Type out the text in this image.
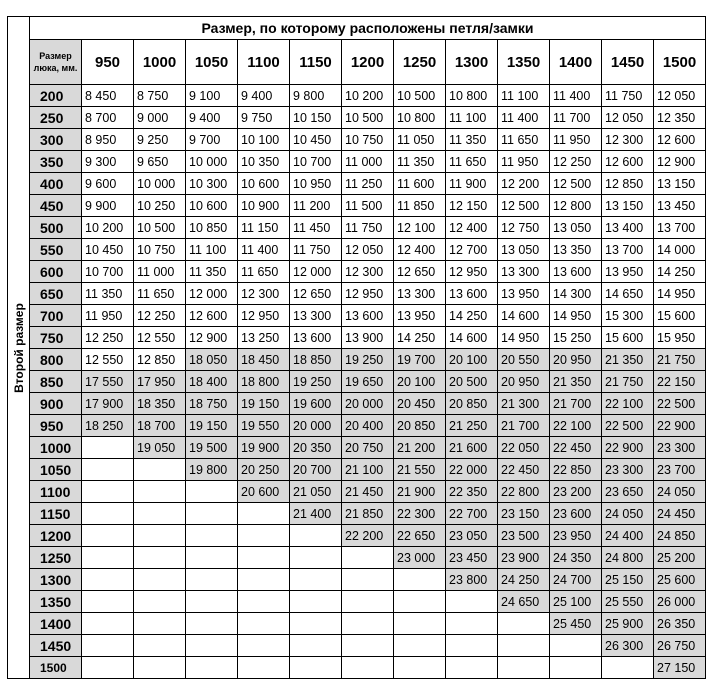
Второй размер	Размер, по которому расположены петля/замки												
	Размер люка, мм.	950	1000	1050	1100	1150	1200	1250	1300	1350	1400	1450	1500
	200	8 450	8 750	9 100	9 400	9 800	10 200	10 500	10 800	11 100	11 400	11 750	12 050
	250	8 700	9 000	9 400	9 750	10 150	10 500	10 800	11 100	11 400	11 700	12 050	12 350
	300	8 950	9 250	9 700	10 100	10 450	10 750	11 050	11 350	11 650	11 950	12 300	12 600
	350	9 300	9 650	10 000	10 350	10 700	11 000	11 350	11 650	11 950	12 250	12 600	12 900
	400	9 600	10 000	10 300	10 600	10 950	11 250	11 600	11 900	12 200	12 500	12 850	13 150
	450	9 900	10 250	10 600	10 900	11 200	11 500	11 850	12 150	12 500	12 800	13 150	13 450
	500	10 200	10 500	10 850	11 150	11 450	11 750	12 100	12 400	12 750	13 050	13 400	13 700
	550	10 450	10 750	11 100	11 400	11 750	12 050	12 400	12 700	13 050	13 350	13 700	14 000
	600	10 700	11 000	11 350	11 650	12 000	12 300	12 650	12 950	13 300	13 600	13 950	14 250
	650	11 350	11 650	12 000	12 300	12 650	12 950	13 300	13 600	13 950	14 300	14 650	14 950
	700	11 950	12 250	12 600	12 950	13 300	13 600	13 950	14 250	14 600	14 950	15 300	15 600
	750	12 250	12 550	12 900	13 250	13 600	13 900	14 250	14 600	14 950	15 250	15 600	15 950
	800	12 550	12 850	18 050	18 450	18 850	19 250	19 700	20 100	20 550	20 950	21 350	21 750
	850	17 550	17 950	18 400	18 800	19 250	19 650	20 100	20 500	20 950	21 350	21 750	22 150
	900	17 900	18 350	18 750	19 150	19 600	20 000	20 450	20 850	21 300	21 700	22 100	22 500
	950	18 250	18 700	19 150	19 550	20 000	20 400	20 850	21 250	21 700	22 100	22 500	22 900
	1000		19 050	19 500	19 900	20 350	20 750	21 200	21 600	22 050	22 450	22 900	23 300
	1050			19 800	20 250	20 700	21 100	21 550	22 000	22 450	22 850	23 300	23 700
	1100				20 600	21 050	21 450	21 900	22 350	22 800	23 200	23 650	24 050
	1150					21 400	21 850	22 300	22 700	23 150	23 600	24 050	24 450
	1200						22 200	22 650	23 050	23 500	23 950	24 400	24 850
	1250							23 000	23 450	23 900	24 350	24 800	25 200
	1300								23 800	24 250	24 700	25 150	25 600
	1350									24 650	25 100	25 550	26 000
	1400										25 450	25 900	26 350
	1450											26 300	26 750
	1500												27 150
